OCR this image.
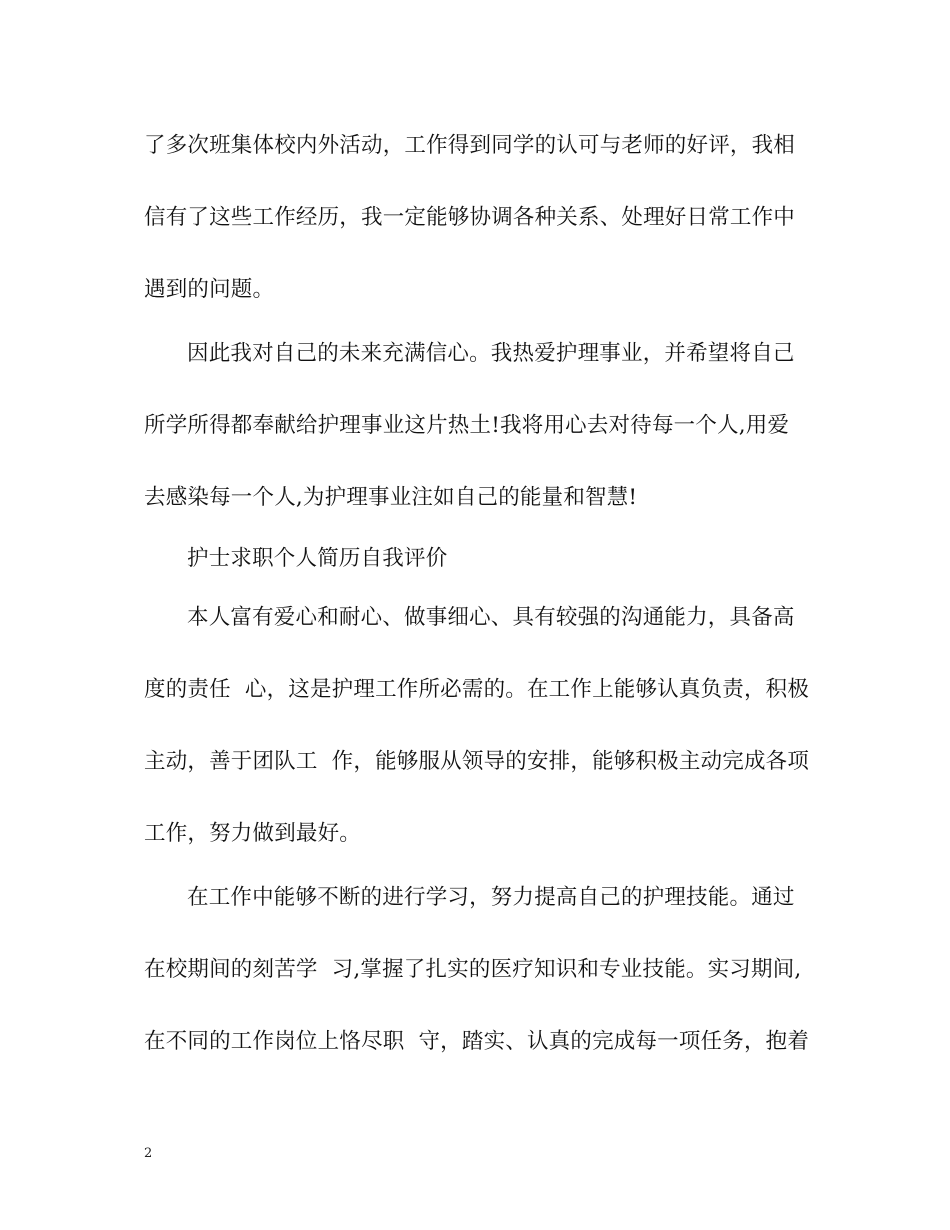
了多次班集体校内外活动，工作得到同学的认可与老师的好评，我相
信有了这些工作经历，我一定能够协调各种关系、处理好日常工作中
遇到的问题。
因此我对自己的未来充满信心。我热爱护理事业，并希望将自己
所学所得都奉献给护理事业这片热土!我将用心去对待每一个人,用爱
去感染每一个人,为护理事业注如自己的能量和智慧!
护士求职个人简历自我评价
本人富有爱心和耐心、做事细心、具有较强的沟通能力，具备高
度的责任  心，这是护理工作所必需的。在工作上能够认真负责，积极
主动，善于团队工  作，能够服从领导的安排，能够积极主动完成各项
工作，努力做到最好。
在工作中能够不断的进行学习，努力提高自己的护理技能。通过
在校期间的刻苦学  习,掌握了扎实的医疗知识和专业技能。实习期间,
在不同的工作岗位上恪尽职  守，踏实、认真的完成每一项任务，抱着
2
